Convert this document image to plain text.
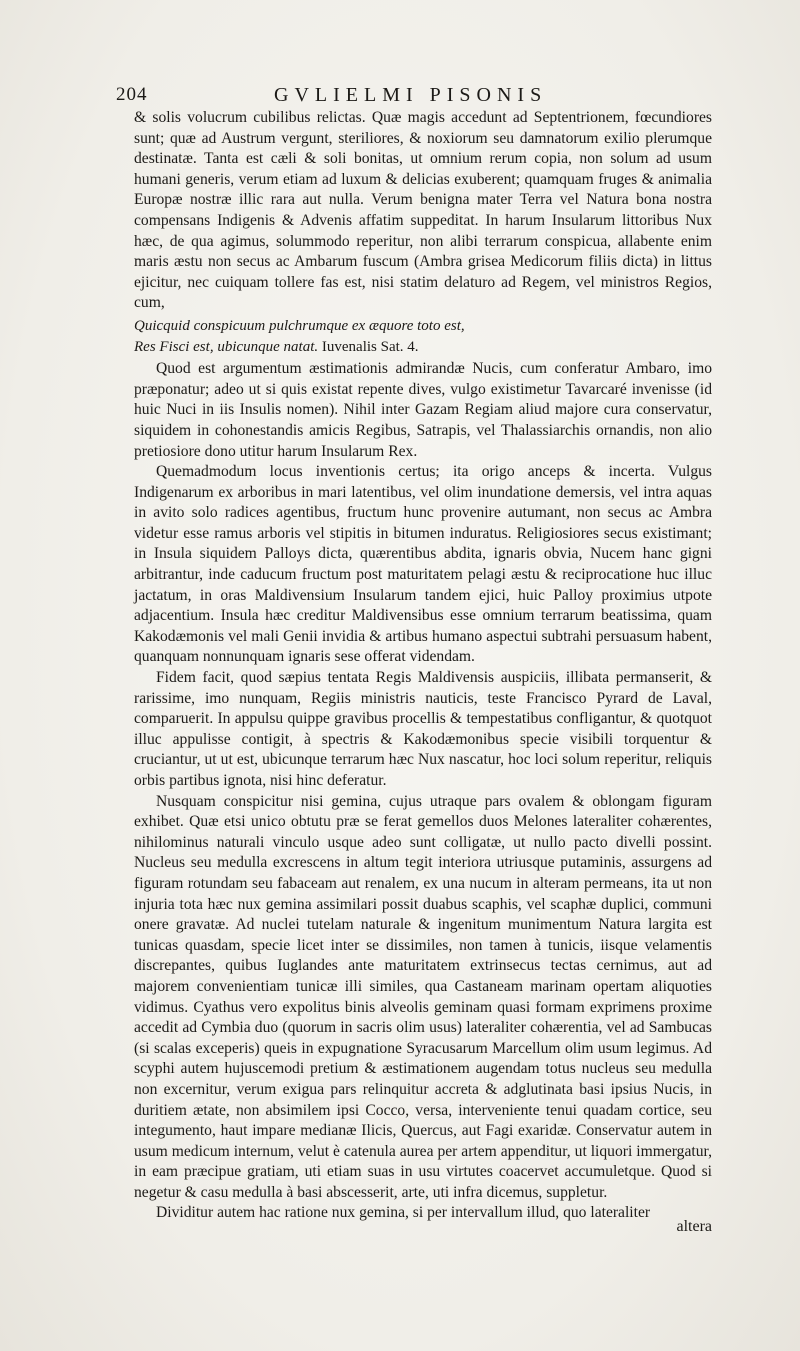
204	GVLIELMI PISONIS

& solis volucrum cubilibus relictas. Quæ magis accedunt ad Septentrionem, fœcundiores sunt; quæ ad Austrum vergunt, steriliores, & noxiorum seu damnatorum exilio plerumque destinatæ. Tanta est cæli & soli bonitas, ut omnium rerum copia, non solum ad usum humani generis, verum etiam ad luxum & delicias exuberent; quamquam fruges & animalia Europæ nostræ illic rara aut nulla. Verum benigna mater Terra vel Natura bona nostra compensans Indigenis & Advenis affatim suppeditat. In harum Insularum littoribus Nux hæc, de qua agimus, solummodo reperitur, non alibi terrarum conspicua, allabente enim maris æstu non secus ac Ambarum fuscum (Ambra grisea Medicorum filiis dicta) in littus ejicitur, nec cuiquam tollere fas est, nisi statim delaturo ad Regem, vel ministros Regios, cum,

Quicquid conspicuum pulchrumque ex æquore toto est,

Res Fisci est, ubicunque natat. Iuvenalis Sat. 4.

Quod est argumentum æstimationis admirandæ Nucis, cum conferatur Ambaro, imo præponatur; adeo ut si quis existat repente dives, vulgo existimetur Tavarcaré invenisse (id huic Nuci in iis Insulis nomen). Nihil inter Gazam Regiam aliud majore cura conservatur, siquidem in cohonestandis amicis Regibus, Satrapis, vel Thalassiarchis ornandis, non alio pretiosiore dono utitur harum Insularum Rex.

Quemadmodum locus inventionis certus; ita origo anceps & incerta. Vulgus Indigenarum ex arboribus in mari latentibus, vel olim inundatione demersis, vel intra aquas in avito solo radices agentibus, fructum hunc provenire autumant, non secus ac Ambra videtur esse ramus arboris vel stipitis in bitumen induratus. Religiosiores secus existimant; in Insula siquidem Palloys dicta, quærentibus abdita, ignaris obvia, Nucem hanc gigni arbitrantur, inde caducum fructum post maturitatem pelagi æstu & reciprocatione huc illuc jactatum, in oras Maldivensium Insularum tandem ejici, huic Palloy proximius utpote adjacentium. Insula hæc creditur Maldivensibus esse omnium terrarum beatissima, quam Kakodæmonis vel mali Genii invidia & artibus humano aspectui subtrahi persuasum habent, quanquam nonnunquam ignaris sese offerat videndam.

Fidem facit, quod sæpius tentata Regis Maldivensis auspiciis, illibata permanserit, & rarissime, imo nunquam, Regiis ministris nauticis, teste Francisco Pyrard de Laval, comparuerit. In appulsu quippe gravibus procellis & tempestatibus confligantur, & quotquot illuc appulisse contigit, à spectris & Kakodæmonibus specie visibili torquentur & cruciantur, ut ut est, ubicunque terrarum hæc Nux nascatur, hoc loci solum reperitur, reliquis orbis partibus ignota, nisi hinc deferatur.

Nusquam conspicitur nisi gemina, cujus utraque pars ovalem & oblongam figuram exhibet. Quæ etsi unico obtutu præ se ferat gemellos duos Melones lateraliter cohærentes, nihilominus naturali vinculo usque adeo sunt colligatæ, ut nullo pacto divelli possint. Nucleus seu medulla excrescens in altum tegit interiora utriusque putaminis, assurgens ad figuram rotundam seu fabaceam aut renalem, ex una nucum in alteram permeans, ita ut non injuria tota hæc nux gemina assimilari possit duabus scaphis, vel scaphæ duplici, communi onere gravatæ. Ad nuclei tutelam naturale & ingenitum munimentum Natura largita est tunicas quasdam, specie licet inter se dissimiles, non tamen à tunicis, iisque velamentis discrepantes, quibus Iuglandes ante maturitatem extrinsecus tectas cernimus, aut ad majorem convenientiam tunicæ illi similes, qua Castaneam marinam opertam aliquoties vidimus. Cyathus vero expolitus binis alveolis geminam quasi formam exprimens proxime accedit ad Cymbia duo (quorum in sacris olim usus) lateraliter cohærentia, vel ad Sambucas (si scalas exceperis) queis in expugnatione Syracusarum Marcellum olim usum legimus. Ad scyphi autem hujuscemodi pretium & æstimationem augendam totus nucleus seu medulla non excernitur, verum exigua pars relinquitur accreta & adglutinata basi ipsius Nucis, in duritiem ætate, non absimilem ipsi Cocco, versa, interveniente tenui quadam cortice, seu integumento, haut impare medianæ Ilicis, Quercus, aut Fagi exaridæ. Conservatur autem in usum medicum internum, velut è catenula aurea per artem appenditur, ut liquori immergatur, in eam præcipue gratiam, uti etiam suas in usu virtutes coacervet accumuletque. Quod si negetur & casu medulla à basi abscesserit, arte, uti infra dicemus, suppletur.

Dividitur autem hac ratione nux gemina, si per intervallum illud, quo lateraliter

altera
